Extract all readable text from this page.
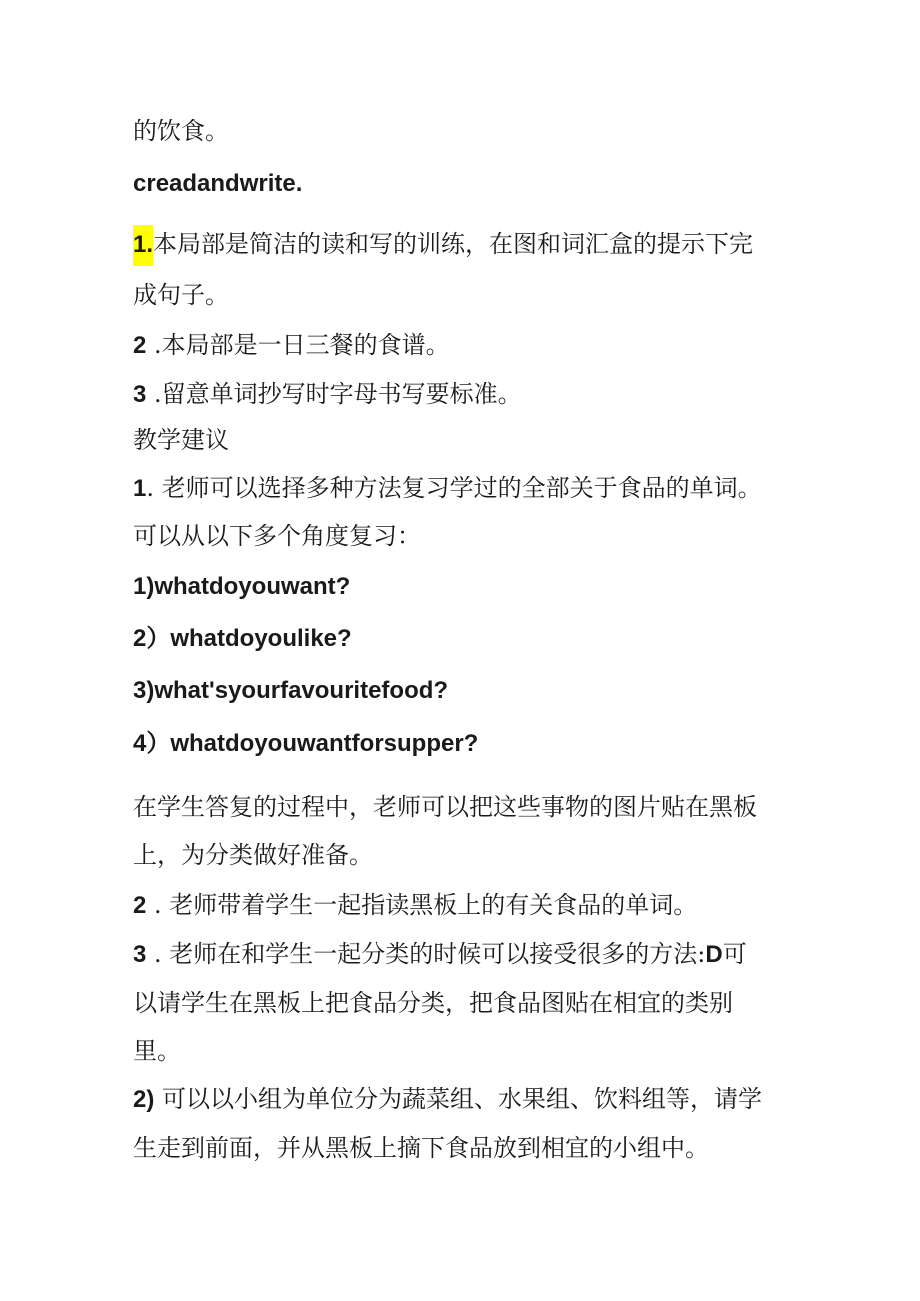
的饮食。
creadandwrite.
1.本局部是简洁的读和写的训练，在图和词汇盒的提示下完
成句子。
2 .本局部是一日三餐的食谱。
3 .留意单词抄写时字母书写要标准。
教学建议
1. 老师可以选择多种方法复习学过的全部关于食品的单词。
可以从以下多个角度复习：
1)whatdoyouwant?
2）whatdoyoulike?
3)what'syourfavouritefood?
4）whatdoyouwantforsupper?
在学生答复的过程中，老师可以把这些事物的图片贴在黑板
上，为分类做好准备。
2 . 老师带着学生一起指读黑板上的有关食品的单词。
3 . 老师在和学生一起分类的时候可以接受很多的方法:D可
以请学生在黑板上把食品分类，把食品图贴在相宜的类别
里。
2) 可以以小组为单位分为蔬菜组、水果组、饮料组等，请学
生走到前面，并从黑板上摘下食品放到相宜的小组中。
